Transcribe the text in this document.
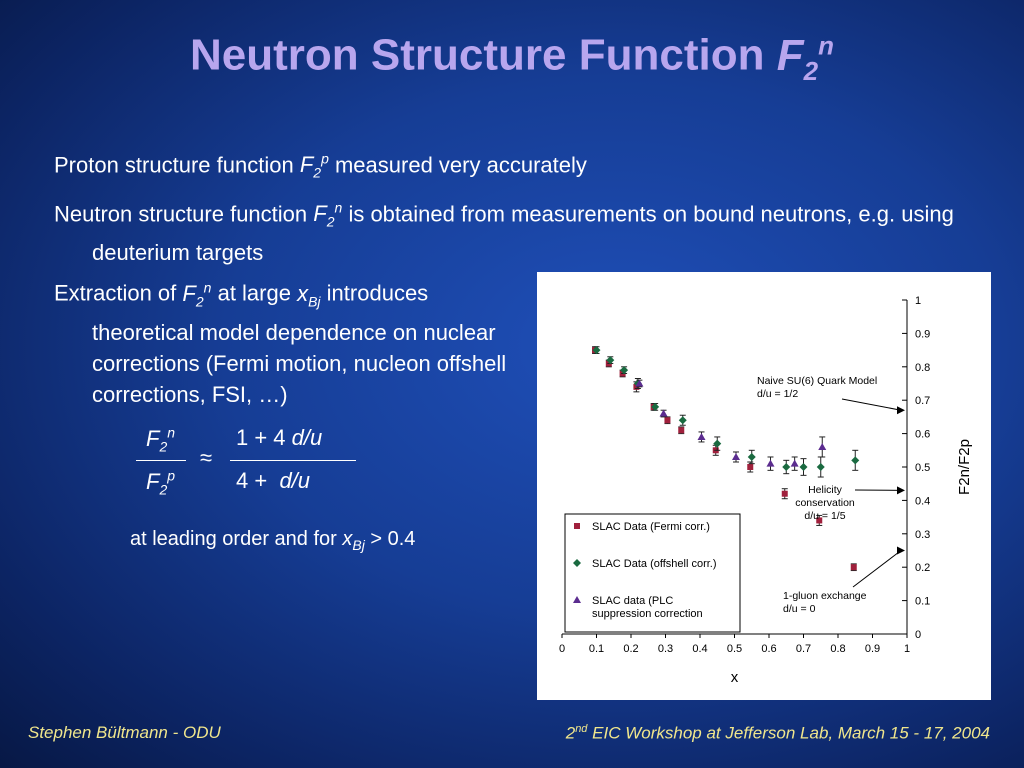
Neutron Structure Function $F_2^n$
Proton structure function $F_2^p$ measured very accurately
Neutron structure function $F_2^n$ is obtained from measurements on bound neutrons, e.g. using deuterium targets
Extraction of $F_2^n$ at large $x_{Bj}$ introduces theoretical model dependence on nuclear corrections (Fermi motion, nucleon offshell corrections, FSI, …)
$F_2^n$
$F_2^p$
≈
1 + 4 d/u
4 + d/u
at leading order and for $x_{Bj} > 0.4$
0 0.1 0.2 0.3 0.4 0.5 0.6 0.7 0.8 0.9 1
0
0.1
0.2
0.3
0.4
0.5
0.6
0.7
0.8
0.9
1
x
F2n/F2p
SLAC Data (Fermi corr.)
SLAC Data (offshell corr.)
SLAC data (PLC
suppression correction
Naive SU(6) Quark Model
d/u = 1/2
Helicity
conservation
d/u = 1/5
1-gluon exchange
d/u = 0
Stephen Bültmann - ODU	2nd EIC Workshop at Jefferson Lab, March 15 - 17, 2004
